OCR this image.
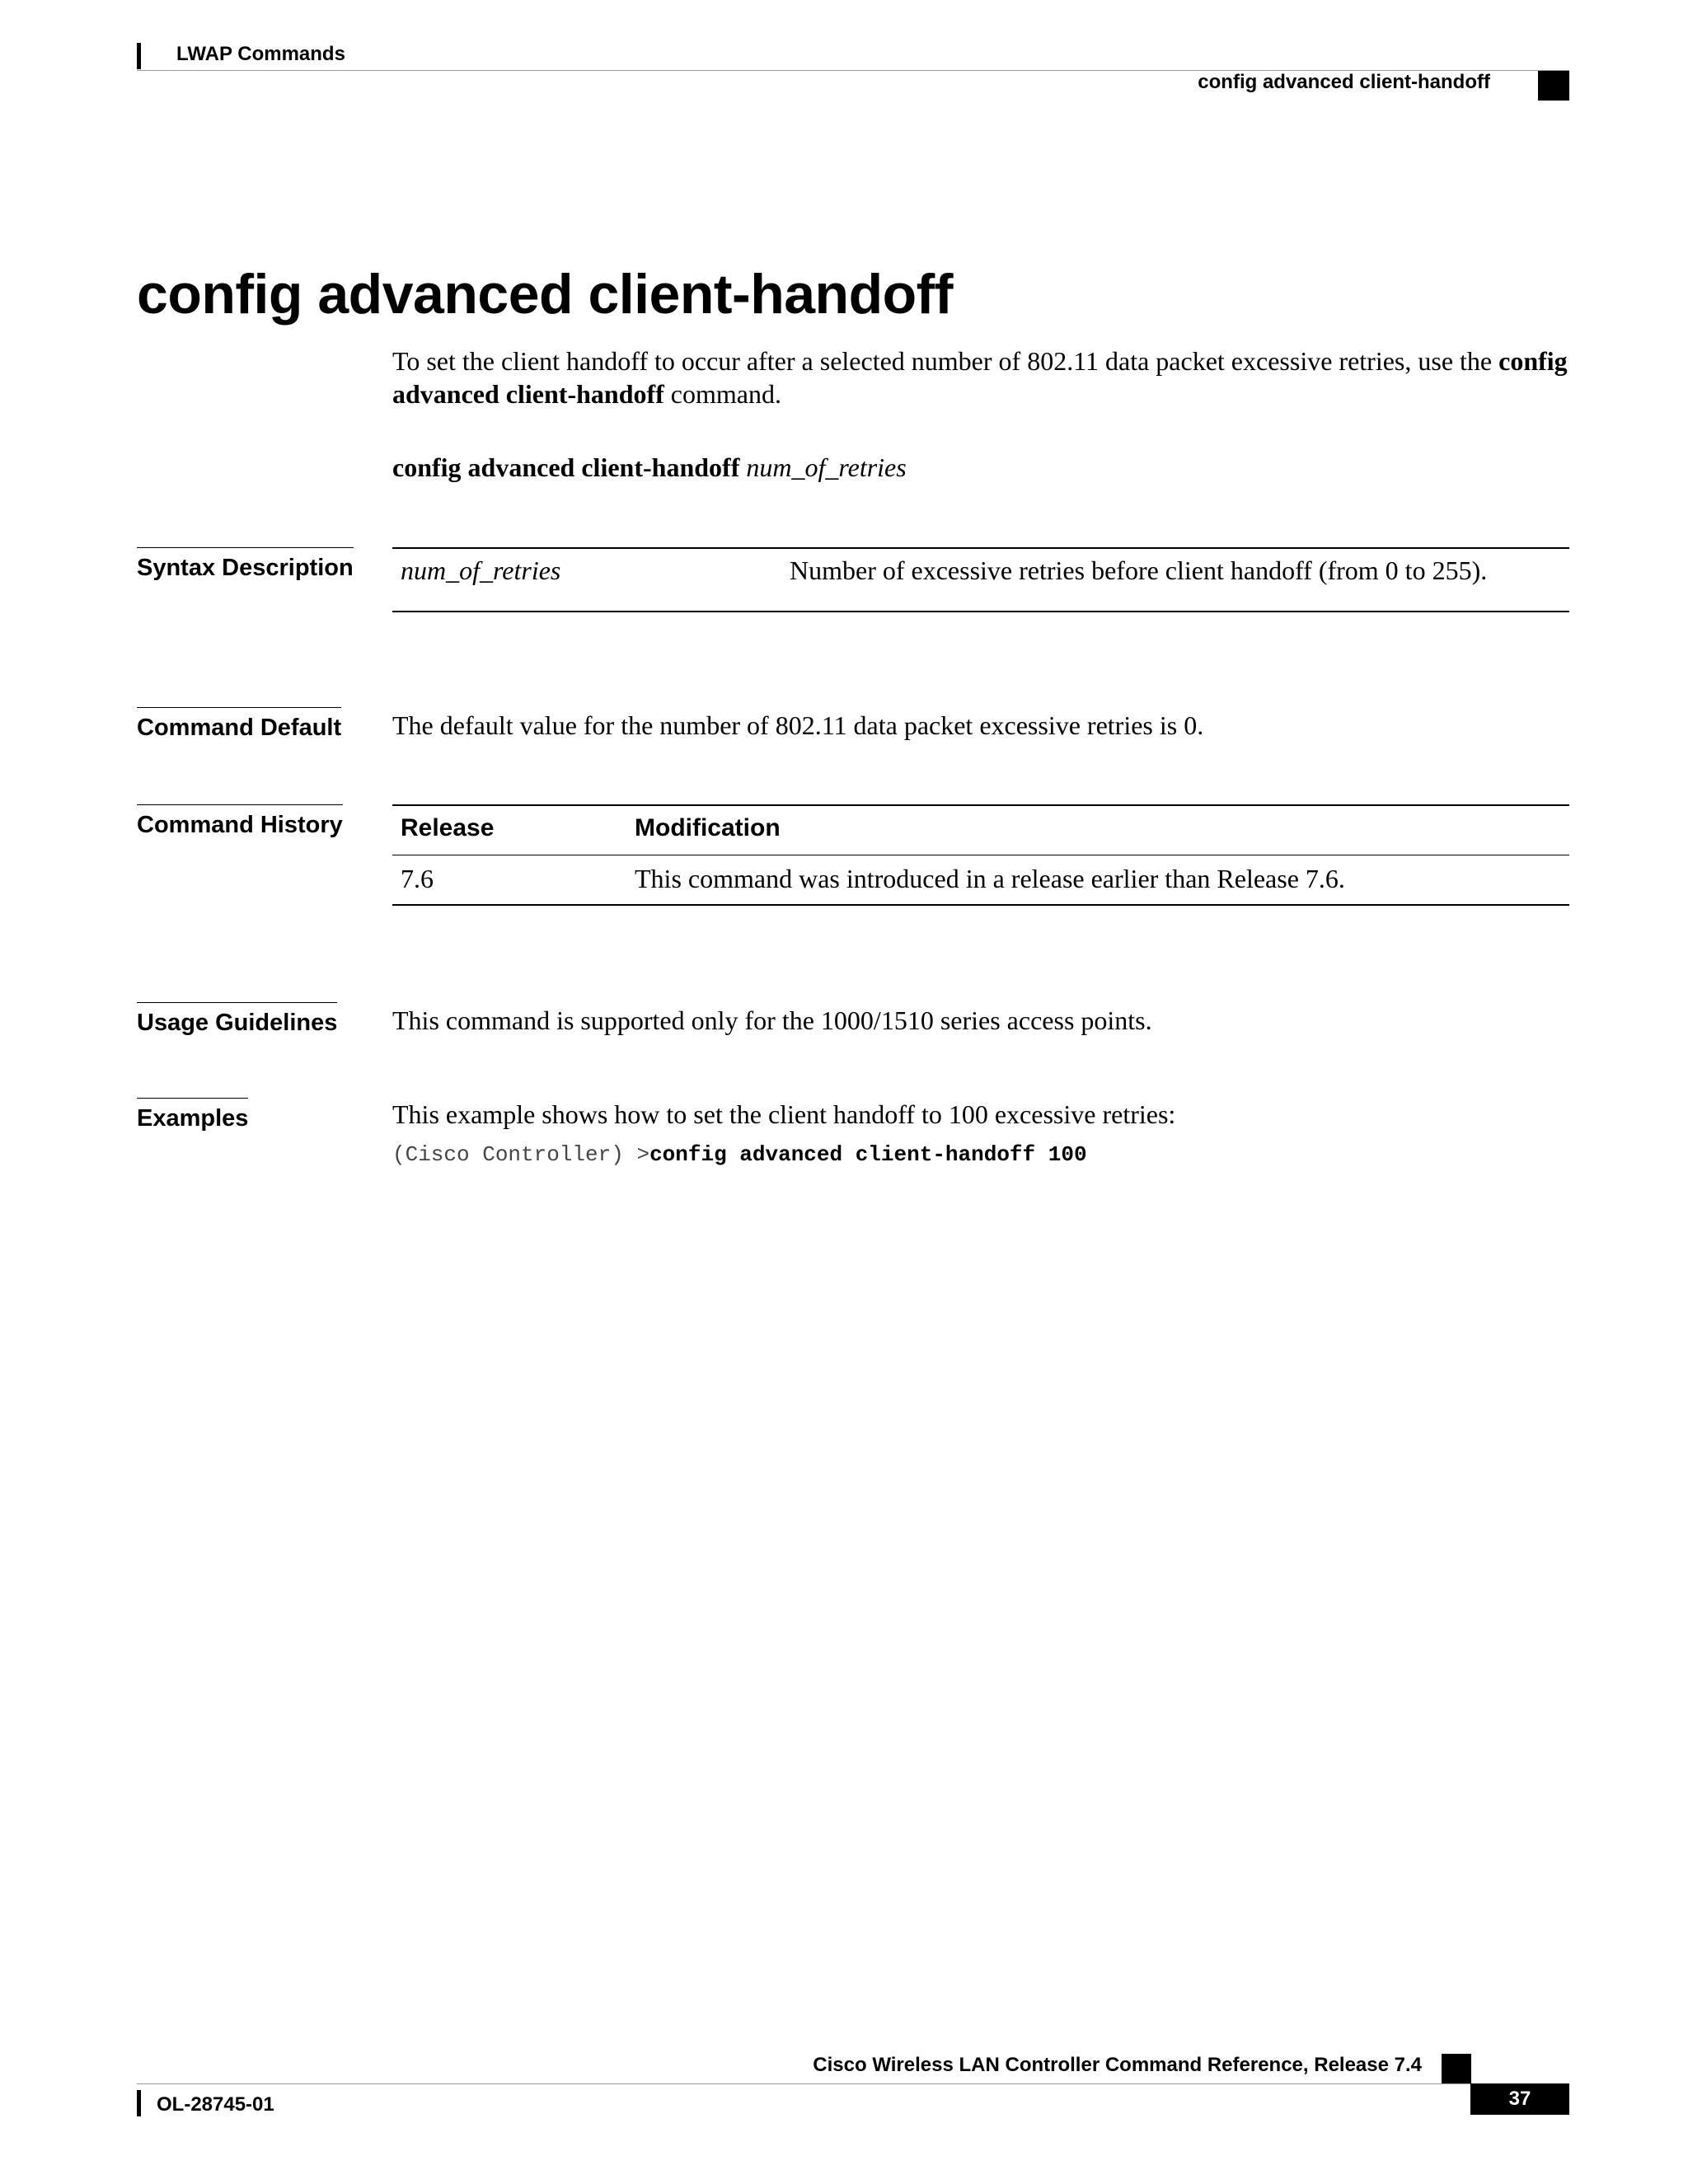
LWAP Commands
config advanced client-handoff
config advanced client-handoff
To set the client handoff to occur after a selected number of 802.11 data packet excessive retries, use the config advanced client-handoff command.
config advanced client-handoff num_of_retries
Syntax Description num_of_retries	Number of excessive retries before client handoff (from 0 to 255).
Command Default The default value for the number of 802.11 data packet excessive retries is 0.
Command History Release	Modification
7.6	This command was introduced in a release earlier than Release 7.6.
Usage Guidelines This command is supported only for the 1000/1510 series access points.
Examples	This example shows how to set the client handoff to 100 excessive retries:
(Cisco Controller) >config advanced client-handoff 100
Cisco Wireless LAN Controller Command Reference, Release 7.4
OL-28745-01	37
